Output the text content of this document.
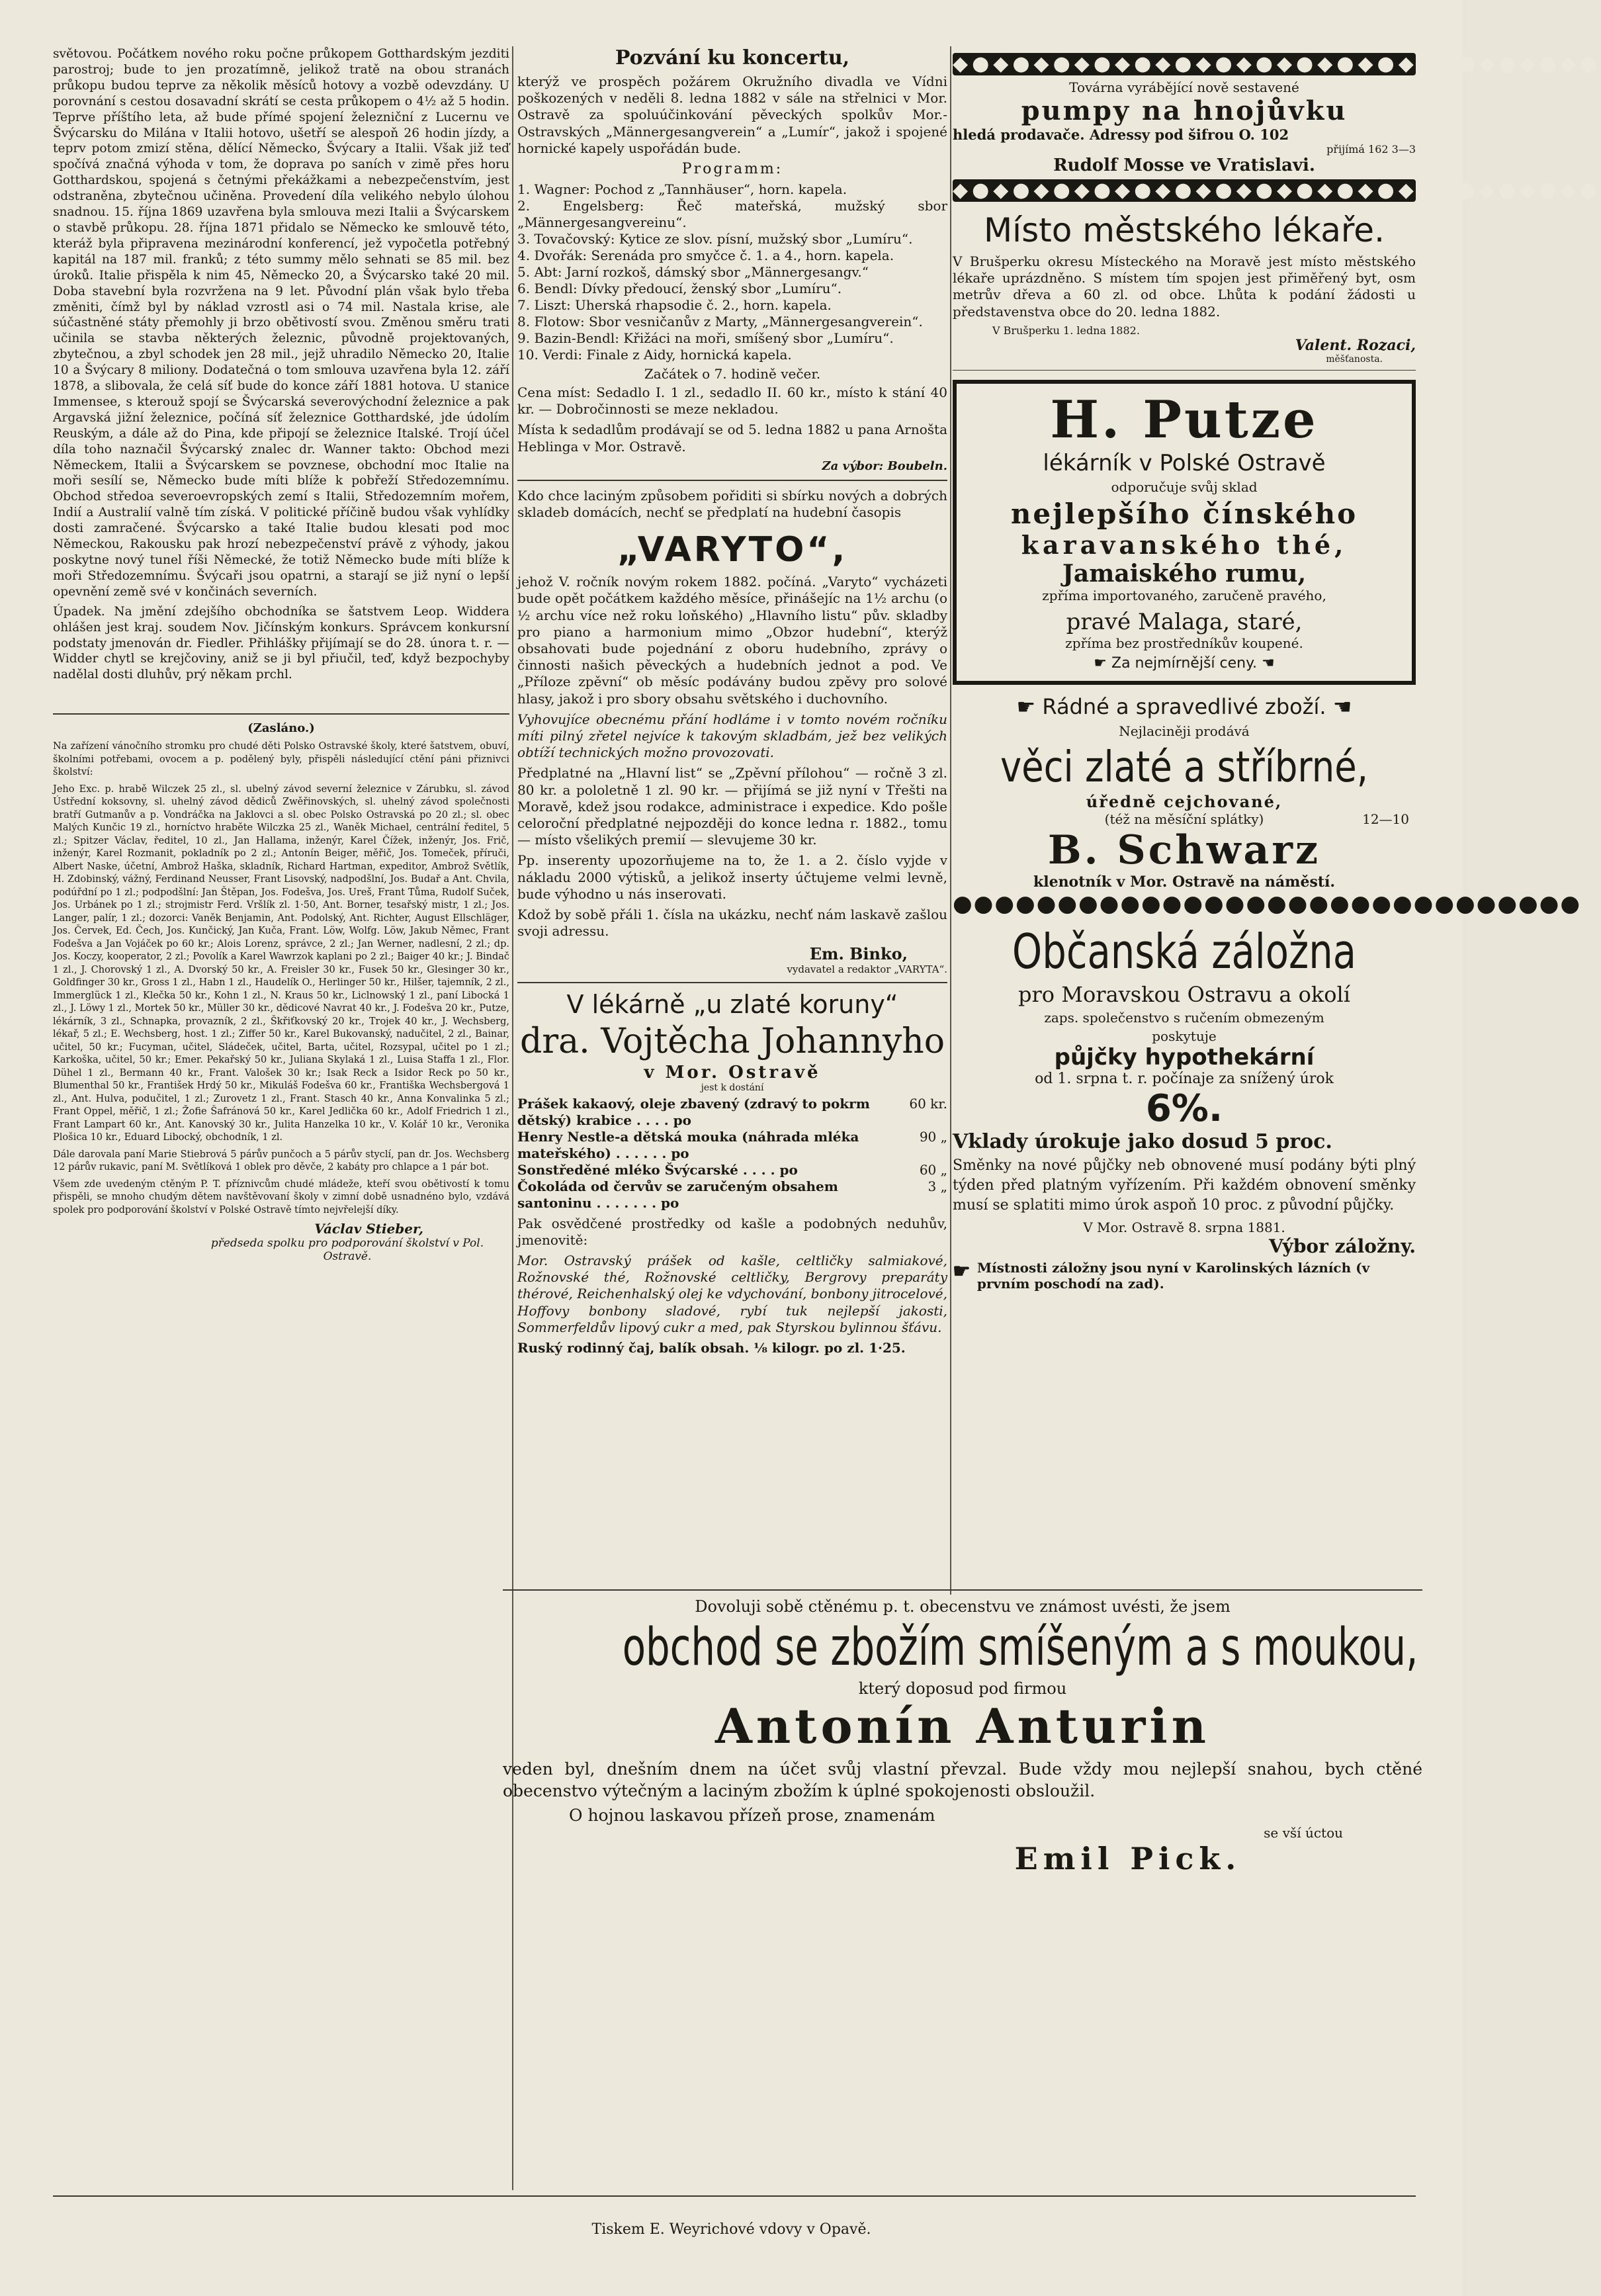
světovou. Počátkem nového roku počne průkopem Gotthardským jezditi parostroj; bude to jen prozatímně, jelikož tratě na obou stranách průkopu budou teprve za několik měsíců hotovy a vozbě odevzdány. U porovnání s cestou dosavadní skrátí se cesta průkopem o 4½ až 5 hodin. Teprve příštího leta, až bude přímé spojení železniční z Lucernu ve Švýcarsku do Milána v Italii hotovo, ušetří se alespoň 26 hodin jízdy, a teprv potom zmizí stěna, dělící Německo, Švýcary a Italii. Však již teď spočívá značná výhoda v tom, že doprava po saních v zimě přes horu Gotthardskou, spojená s četnými překážkami a nebezpečenstvím, jest odstraněna, zbytečnou učiněna. Provedení díla velikého nebylo úlohou snadnou. 15. října 1869 uzavřena byla smlouva mezi Italii a Švýcarskem o stavbě průkopu. 28. října 1871 přidalo se Německo ke smlouvě této, kteráž byla připravena mezinárodní konferencí, jež vypočetla potřebný kapitál na 187 mil. franků; z této summy mělo sehnati se 85 mil. bez úroků. Italie přispěla k nim 45, Německo 20, a Švýcarsko také 20 mil. Doba stavební byla rozvržena na 9 let. Původní plán však bylo třeba změniti, čímž byl by náklad vzrostl asi o 74 mil. Nastala krise, ale súčastněné státy přemohly ji brzo obětivostí svou. Změnou směru trati učinila se stavba některých železnic, původně projektovaných, zbytečnou, a zbyl schodek jen 28 mil., jejž uhradilo Německo 20, Italie 10 a Švýcary 8 miliony. Dodatečná o tom smlouva uzavřena byla 12. září 1878, a slibovala, že celá síť bude do konce září 1881 hotova. U stanice Immensee, s kterouž spojí se Švýcarská severovýchodní železnice a pak Argavská jižní železnice, počíná síť železnice Gotthardské, jde údolím Reuským, a dále až do Pina, kde připojí se železnice Italské. Trojí účel díla toho naznačil Švýcarský znalec dr. Wanner takto: Obchod mezi Německem, Italii a Švýcarskem se povznese, obchodní moc Italie na moři sesílí se, Německo bude míti blíže k pobřeží Středozemnímu. Obchod středoa severoevropských zemí s Italii, Středozemním mořem, Indií a Australií valně tím získá. V politické příčině budou však vyhlídky dosti zamračené. Švýcarsko a také Italie budou klesati pod moc Německou, Rakousku pak hrozí nebezpečenství právě z výhody, jakou poskytne nový tunel říši Německé, že totiž Německo bude míti blíže k moři Středozemnímu. Švýcaři jsou opatrni, a starají se již nyní o lepší opevnění země své v končinách severních.

Úpadek. Na jmění zdejšího obchodníka se šatstvem Leop. Widdera ohlášen jest kraj. soudem Nov. Jičínským konkurs. Správcem konkursní podstaty jmenován dr. Fiedler. Přihlášky přijímají se do 28. února t. r. — Widder chytl se krejčoviny, aniž se ji byl přiučil, teď, když bezpochyby nadělal dosti dluhův, prý někam prchl.

(Zasláno.)

Na zařízení vánočního stromku pro chudé děti Polsko Ostravské školy, které šatstvem, obuví, školními potřebami, ovocem a p. podělený byly, přispěli následující ctění páni přiznivci školství:

Jeho Exc. p. hrabě Wilczek 25 zl., sl. ubelný závod severní železnice v Zárubku, sl. závod Ústřední koksovny, sl. uhelný závod dědiců Zwěřinovských, sl. uhelný závod společnosti bratří Gutmanův a p. Vondráčka na Jaklovci a sl. obec Polsko Ostravská po 20 zl.; sl. obec Malých Kunčic 19 zl., horníctvo hraběte Wilczka 25 zl., Waněk Michael, centrální ředitel, 5 zl.; Spitzer Václav, ředitel, 10 zl., Jan Hallama, inženýr, Karel Čížek, inženýr, Jos. Frič, inženýr, Karel Rozmanit, pokladník po 2 zl.; Antonín Beiger, měřič, Jos. Tomeček, příruči, Albert Naske, účetní, Ambrož Haška, skladník, Richard Hartman, expeditor, Ambrož Světlík, H. Zdobinský, vážný, Ferdinand Neusser, Frant Lisovský, nadpodšlní, Jos. Budař a Ant. Chvila, podúřdní po 1 zl.; podpodšlní: Jan Štěpan, Jos. Fodešva, Jos. Ureš, Frant Tůma, Rudolf Suček, Jos. Urbánek po 1 zl.; strojmistr Ferd. Vršlík zl. 1·50, Ant. Borner, tesařský mistr, 1 zl.; Jos. Langer, palír, 1 zl.; dozorci: Vaněk Benjamin, Ant. Podolský, Ant. Richter, August Ellschläger, Jos. Červek, Ed. Čech, Jos. Kunčický, Jan Kuča, Frant. Löw, Wolfg. Löw, Jakub Němec, Frant Fodešva a Jan Vojáček po 60 kr.; Alois Lorenz, správce, 2 zl.; Jan Werner, nadlesní, 2 zl.; dp. Jos. Koczy, kooperator, 2 zl.; Povolík a Karel Wawrzok kaplani po 2 zl.; Baiger 40 kr.; J. Bindač 1 zl., J. Chorovský 1 zl., A. Dvorský 50 kr., A. Freisler 30 kr., Fusek 50 kr., Glesinger 30 kr., Goldfinger 30 kr., Gross 1 zl., Habn 1 zl., Haudelík O., Herlinger 50 kr., Hilšer, tajemník, 2 zl., Immerglück 1 zl., Klečka 50 kr., Kohn 1 zl., N. Kraus 50 kr., Liclnowský 1 zl., paní Libocká 1 zl., J. Löwy 1 zl., Mortek 50 kr., Müller 30 kr., dědicové Navrat 40 kr., J. Fodešva 20 kr., Putze, lékárník, 3 zl., Schnapka, provazník, 2 zl., Škřiťkovský 20 kr., Trojek 40 kr., J. Wechsberg, lékař, 5 zl.; E. Wechsberg, host. 1 zl.; Ziffer 50 kr., Karel Bukovanský, nadučitel, 2 zl., Bainar, učitel, 50 kr.; Fucyman, učitel, Sládeček, učitel, Barta, učitel, Rozsypal, učitel po 1 zl.; Karkoška, učitel, 50 kr.; Emer. Pekařský 50 kr., Juliana Skylaká 1 zl., Luisa Staffa 1 zl., Flor. Dühel 1 zl., Bermann 40 kr., Frant. Valošek 30 kr.; Isak Reck a Isidor Reck po 50 kr., Blumenthal 50 kr., František Hrdý 50 kr., Mikuláš Fodešva 60 kr., Františka Wechsbergová 1 zl., Ant. Hulva, podučitel, 1 zl.; Zurovetz 1 zl., Frant. Stasch 40 kr., Anna Konvalinka 5 zl.; Frant Oppel, měřič, 1 zl.; Žofie Šafránová 50 kr., Karel Jedlička 60 kr., Adolf Friedrich 1 zl., Frant Lampart 60 kr., Ant. Kanovský 30 kr., Julita Hanzelka 10 kr., V. Kolář 10 kr., Veronika Plošica 10 kr., Eduard Libocký, obchodník, 1 zl.

Dále darovala paní Marie Stiebrová 5 párův punčoch a 5 párův styclí, pan dr. Jos. Wechsberg 12 párův rukavic, paní M. Světlíková 1 oblek pro děvče, 2 kabáty pro chlapce a 1 pár bot.

Všem zde uvedeným ctěným P. T. příznivcům chudé mládeže, kteří svou obětivostí k tomu přispěli, se mnoho chudým dětem navštěvovaní školy v zimní době usnadnéno bylo, vzdává spolek pro podporování školství v Polské Ostravě tímto nejvřelejší díky.

Václav Stieber,
předseda spolku pro podporování školství v Pol. Ostravě.
Pozvání ku koncertu,

kterýž ve prospěch požárem Okružního divadla ve Vídni poškozených v neděli 8. ledna 1882 v sále na střelnici v Mor. Ostravě za spoluúčinkování pěveckých spolkův Mor.-Ostravských „Männergesangverein“ a „Lumír“, jakož i spojené hornické kapely uspořádán bude.

Programm:

1. Wagner: Pochod z „Tannhäuser“, horn. kapela.

2. Engelsberg: Řeč mateřská, mužský sbor „Männergesangvereinu“.

3. Tovačovský: Kytice ze slov. písní, mužský sbor „Lumíru“.

4. Dvořák: Serenáda pro smyčce č. 1. a 4., horn. kapela.

5. Abt: Jarní rozkoš, dámský sbor „Männergesangv.“

6. Bendl: Dívky předoucí, ženský sbor „Lumíru“.

7. Liszt: Uherská rhapsodie č. 2., horn. kapela.

8. Flotow: Sbor vesničanův z Marty, „Männergesangverein“.

9. Bazin-Bendl: Křižáci na moři, smíšený sbor „Lumíru“.

10. Verdi: Finale z Aidy, hornická kapela.

Začátek o 7. hodině večer.

Cena míst: Sedadlo I. 1 zl., sedadlo II. 60 kr., místo k stání 40 kr. — Dobročinnosti se meze nekladou.

Místa k sedadlům prodávají se od 5. ledna 1882 u pana Arnošta Heblinga v Mor. Ostravě.

Za výbor: Boubeln.

Kdo chce laciným způsobem pořiditi si sbírku nových a dobrých skladeb domácích, nechť se předplatí na hudební časopis

„VARYTO“,

jehož V. ročník novým rokem 1882. počíná. „Varyto“ vycházeti bude opět počátkem každého měsíce, přinášejíc na 1½ archu (o ½ archu více než roku loňského) „Hlavního listu“ pův. skladby pro piano a harmonium mimo „Obzor hudební“, kterýž obsahovati bude pojednání z oboru hudebního, zprávy o činnosti našich pěveckých a hudebních jednot a pod. Ve „Příloze zpěvní“ ob měsíc podávány budou zpěvy pro solové hlasy, jakož i pro sbory obsahu světského i duchovního.

Vyhovujíce obecnému přání hodláme i v tomto novém ročníku míti pilný zřetel nejvíce k takovým skladbám, jež bez velikých obtíží technických možno provozovati.

Předplatné na „Hlavní list“ se „Zpěvní přílohou“ — ročně 3 zl. 80 kr. a pololetně 1 zl. 90 kr. — přijímá se již nyní v Třešti na Moravě, kdež jsou rodakce, administrace i expedice. Kdo pošle celoroční předplatné nejpozději do konce ledna r. 1882., tomu — místo všelikých premií — slevujeme 30 kr.

Pp. inserenty upozorňujeme na to, že 1. a 2. číslo vyjde v nákladu 2000 výtisků, a jelikož inserty účtujeme velmi levně, bude výhodno u nás inserovati.

Kdož by sobě přáli 1. čísla na ukázku, nechť nám laskavě zašlou svoji adressu.

Em. Binko,
vydavatel a redaktor „VARYTA“.
V lékárně „u zlaté koruny“
dra. Vojtěcha Johannyho
v Mor. Ostravě
jest k dostání
Prášek kakaový, oleje zbavený (zdravý to pokrm dětský) krabice . . . . po
60 kr.
Henry Nestle-a dětská mouka (náhrada mléka mateřského) . . . . . . po
90 „
Sonstředěné mléko Švýcarské . . . . po	60 „
Čokoláda od červův se zaručeným obsahem santoninu . . . . . . . po
3 „

Pak osvědčené prostředky od kašle a podobných neduhův, jmenovitě:

Mor. Ostravský prášek od kašle, celtličky salmiakové, Rožnovské thé, Rožnovské celtličky, Bergrovy preparáty thérové, Reichenhalský olej ke vdychování, bonbony jitrocelové, Hoffovy bonbony sladové, rybí tuk nejlepší jakosti, Sommerfeldův lipový cukr a med, pak Styrskou bylinnou šťávu.

Ruský rodinný čaj, balík obsah. ⅛ kilogr. po zl. 1·25.

◆●◆●◆●◆●◆●◆●◆●◆●◆●◆●◆●◆●◆●◆●◆●◆●
Továrna vyrábějící nově sestavené
pumpy na hnojůvku
hledá prodavače. Adressy pod šifrou O. 102
přijímá 162 3—3
Rudolf Mosse ve Vratislavi.
◆●◆●◆●◆●◆●◆●◆●◆●◆●◆●◆●◆●◆●◆●◆●◆●
Místo městského lékaře.

V Brušperku okresu Místeckého na Moravě jest místo městského lékaře uprázdněno. S místem tím spojen jest přiměřený byt, osm metrův dřeva a 60 zl. od obce. Lhůta k podání žádosti u představenstva obce do 20. ledna 1882.

V Brušperku 1. ledna 1882.
Valent. Rozaci,
měšťanosta.
H. Putze
lékárník v Polské Ostravě
odporučuje svůj sklad
nejlepšího čínského
karavanského thé,
Jamaiského rumu,
zpříma importovaného, zaručeně pravého,
pravé Malaga, staré,
zpříma bez prostředníkův koupené.
☛ Za nejmírnější ceny. ☚
☛ Rádné a spravedlivé zboží. ☚
Nejlaciněji prodává
věci zlaté a stříbrné,
úředně cejchované,
(též na měsíční splátky)	12—10
B. Schwarz
klenotník v Mor. Ostravě na náměstí.
●●●●●●●●●●●●●●●●●●●●●●●●●●●●●●
Občanská záložna
pro Moravskou Ostravu a okolí
zaps. společenstvo s ručením obmezeným
poskytuje
půjčky hypothekární
od 1. srpna t. r. počínaje za snížený úrok
6%.
Vklady úrokuje jako dosud 5 proc.

Směnky na nové půjčky neb obnovené musí podány býti plný týden před platným vyřízením. Při každém obnovení směnky musí se splatiti mimo úrok aspoň 10 proc. z původní půjčky.

V Mor. Ostravě 8. srpna 1881.
Výbor záložny.
☛ Místnosti záložny jsou nyní v Karolinských lázních (v prvním poschodí na zad).
Dovoluji sobě ctěnému p. t. obecenstvu ve známost uvésti, že jsem
obchod se zbožím smíšeným a s moukou,
který doposud pod firmou
Antonín Anturin

veden byl, dnešním dnem na účet svůj vlastní převzal. Bude vždy mou nejlepší snahou, bych ctěné obecenstvo výtečným a laciným zbožím k úplné spokojenosti obsloužil.

O hojnou laskavou přízeň prose, znamenám
se vší úctou
Emil Pick.
Tiskem E. Weyrichové vdovy v Opavě.
